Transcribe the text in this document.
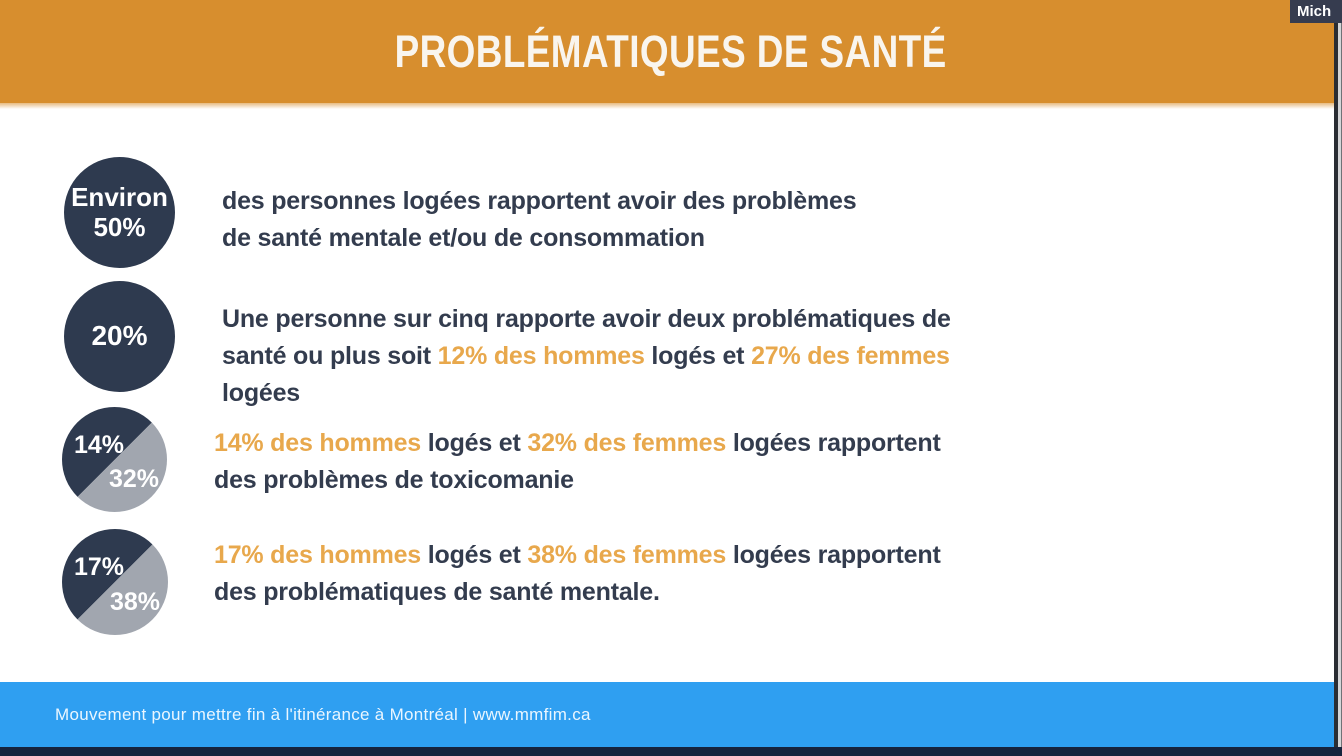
PROBLÉMATIQUES DE SANTÉ
Mich
Environ
50%
des personnes logées rapportent avoir des problèmes
de santé mentale et/ou de consommation
20%
Une personne sur cinq rapporte avoir deux problématiques de
santé ou plus soit 12% des hommes logés et 27% des femmes
logées
14%
32%
14% des hommes logés et 32% des femmes logées rapportent
des problèmes de toxicomanie
17%
38%
17% des hommes logés et 38% des femmes logées rapportent
des problématiques de santé mentale.
Mouvement pour mettre fin à l'itinérance à Montréal | www.mmfim.ca
